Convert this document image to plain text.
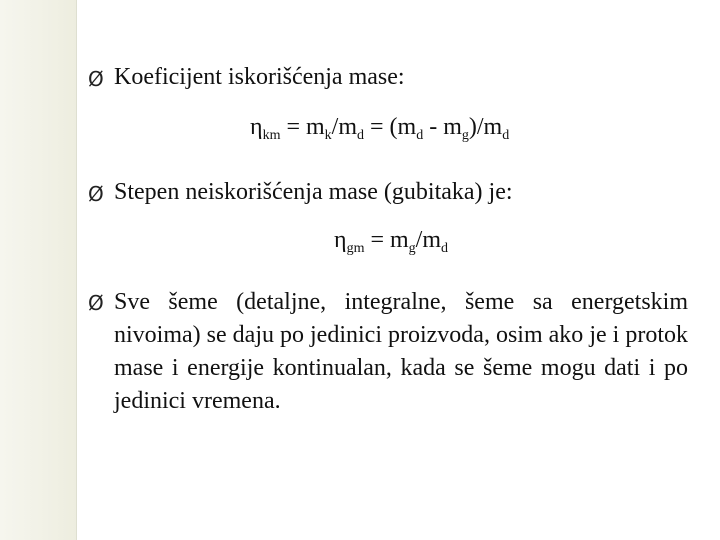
Ø Koeficijent iskorišćenja mase:
$\eta_{km} = m_k/m_d = (m_d - m_g)/m_d$
Ø Stepen neiskorišćenja mase (gubitaka) je:
$\eta_{gm} = m_g/m_d$
Ø Sve šeme (detaljne, integralne, šeme sa energetskim nivoima) se daju po jedinici proizvoda, osim ako je i protok mase i energije kontinualan, kada se šeme mogu dati i po jedinici vremena.
